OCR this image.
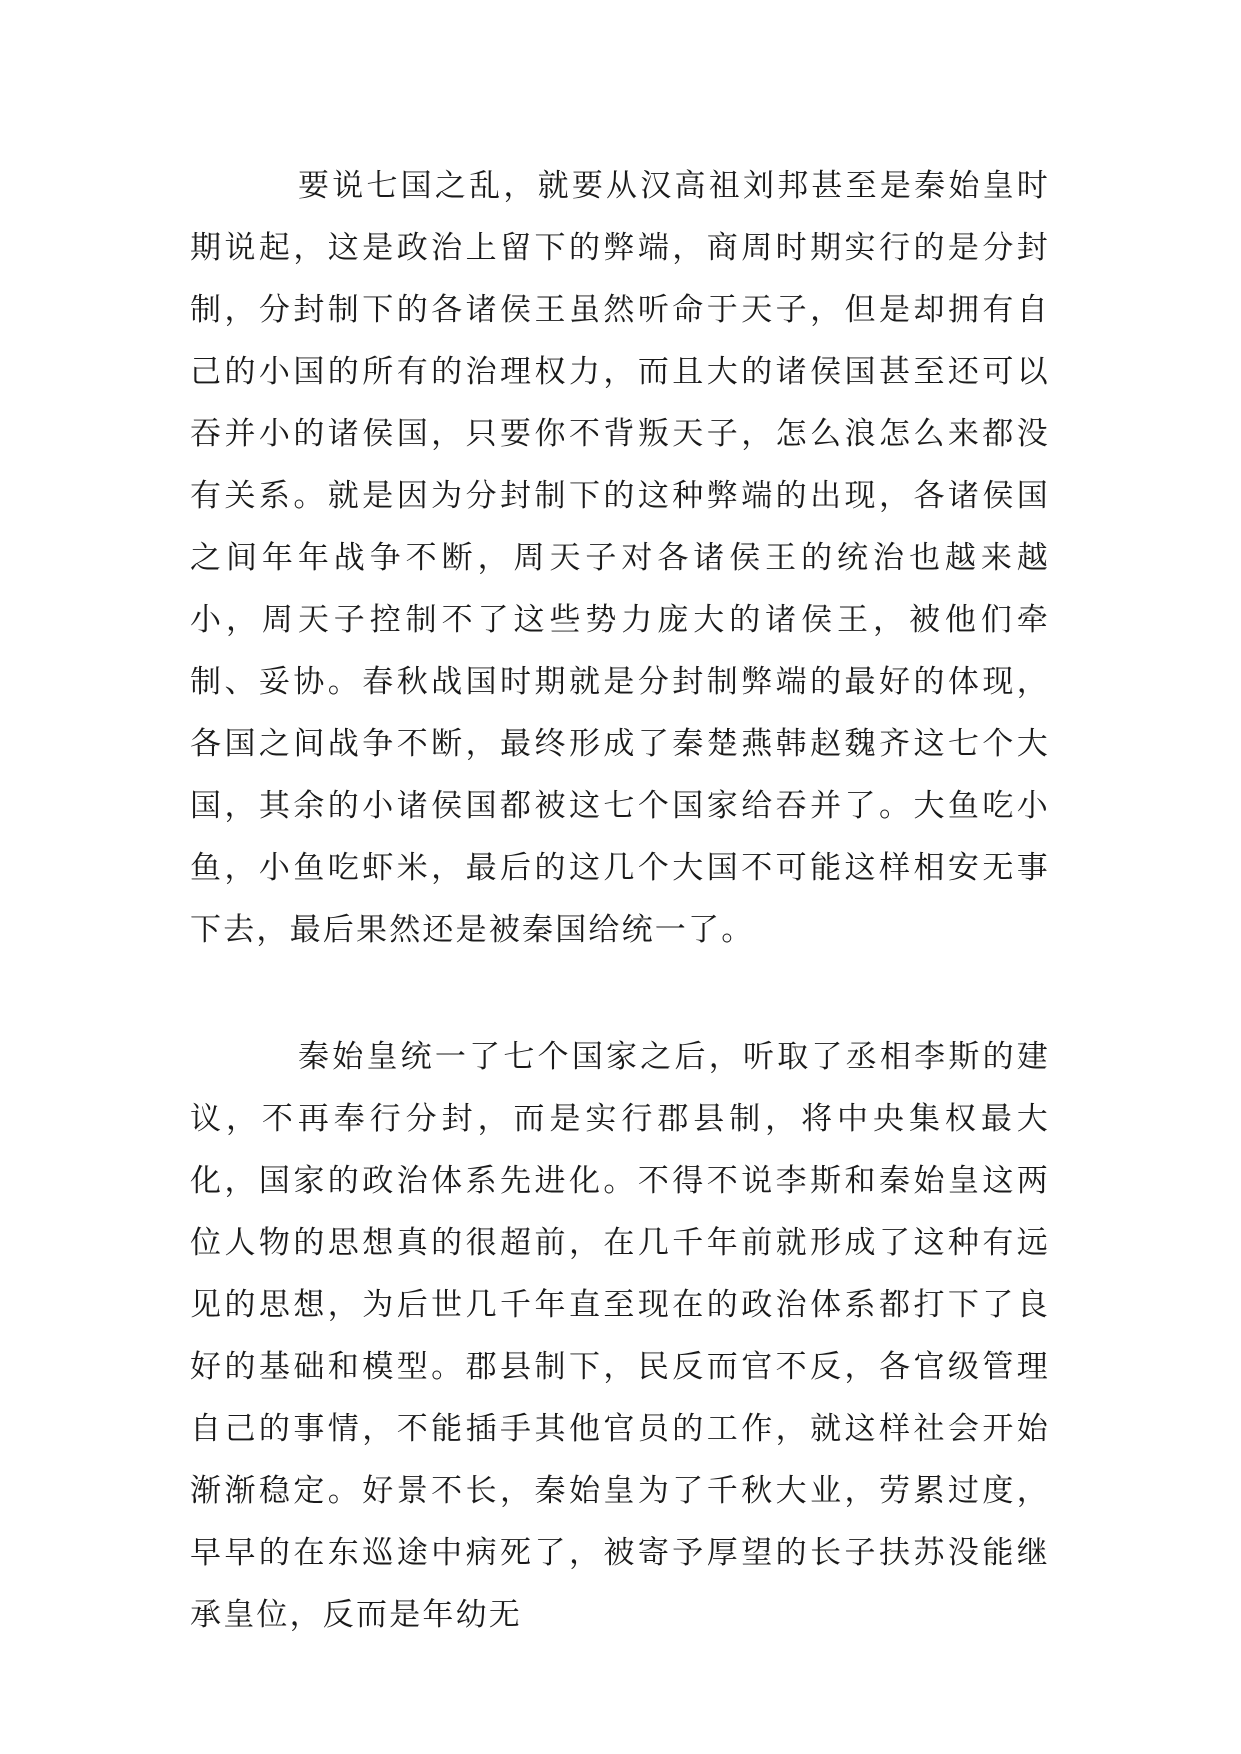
要说七国之乱，就要从汉高祖刘邦甚至是秦始皇时期说起，这是政治上留下的弊端，商周时期实行的是分封制，分封制下的各诸侯王虽然听命于天子，但是却拥有自己的小国的所有的治理权力，而且大的诸侯国甚至还可以吞并小的诸侯国，只要你不背叛天子，怎么浪怎么来都没有关系。就是因为分封制下的这种弊端的出现，各诸侯国之间年年战争不断，周天子对各诸侯王的统治也越来越小，周天子控制不了这些势力庞大的诸侯王，被他们牵制、妥协。春秋战国时期就是分封制弊端的最好的体现，各国之间战争不断，最终形成了秦楚燕韩赵魏齐这七个大国，其余的小诸侯国都被这七个国家给吞并了。大鱼吃小鱼，小鱼吃虾米，最后的这几个大国不可能这样相安无事下去，最后果然还是被秦国给统一了。

秦始皇统一了七个国家之后，听取了丞相李斯的建议，不再奉行分封，而是实行郡县制，将中央集权最大化，国家的政治体系先进化。不得不说李斯和秦始皇这两位人物的思想真的很超前，在几千年前就形成了这种有远见的思想，为后世几千年直至现在的政治体系都打下了良好的基础和模型。郡县制下，民反而官不反，各官级管理自己的事情，不能插手其他官员的工作，就这样社会开始渐渐稳定。好景不长，秦始皇为了千秋大业，劳累过度，早早的在东巡途中病死了，被寄予厚望的长子扶苏没能继承皇位，反而是年幼无
